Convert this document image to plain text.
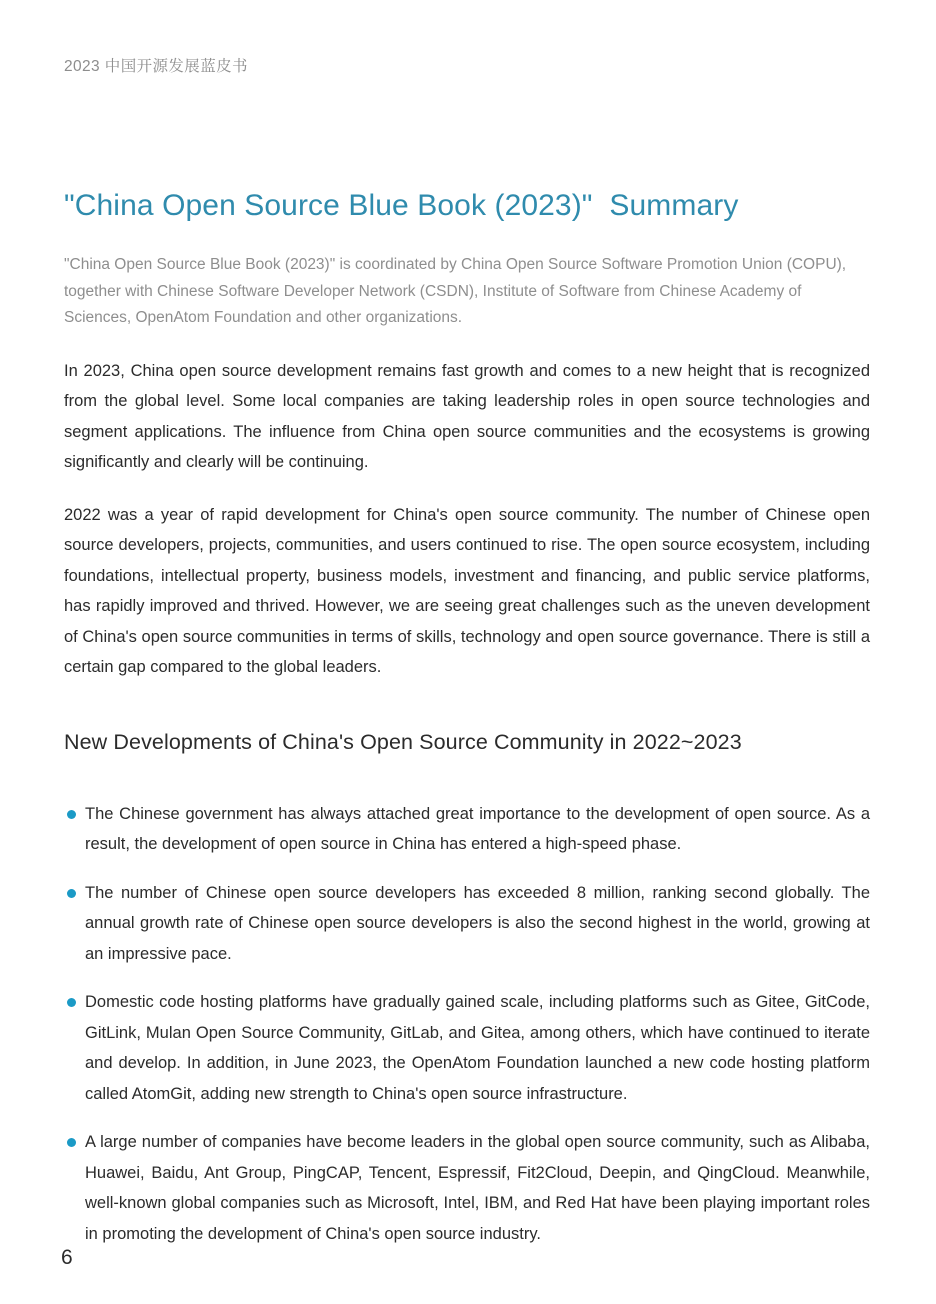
2023 中国开源发展蓝皮书
"China Open Source Blue Book (2023)"  Summary

"China Open Source Blue Book (2023)" is coordinated by China Open Source Software Promotion Union (COPU), together with Chinese Software Developer Network (CSDN), Institute of Software from Chinese Academy of Sciences, OpenAtom Foundation and other organizations.

In 2023, China open source development remains fast growth and comes to a new height that is recognized from the global level. Some local companies are taking leadership roles in open source technologies and segment applications. The influence from China open source communities and the ecosystems is growing significantly and clearly will be continuing.

2022 was a year of rapid development for China's open source community. The number of Chinese open source developers, projects, communities, and users continued to rise. The open source ecosystem, including foundations, intellectual property, business models, investment and financing, and public service platforms, has rapidly improved and thrived. However, we are seeing great challenges such as the uneven development of China's open source communities in terms of skills, technology and open source governance. There is still a certain gap compared to the global leaders.

New Developments of China's Open Source Community in 2022~2023
The Chinese government has always attached great importance to the development of open source. As a result, the development of open source in China has entered a high-speed phase.
The number of Chinese open source developers has exceeded 8 million, ranking second globally. The annual growth rate of Chinese open source developers is also the second highest in the world, growing at an impressive pace.
Domestic code hosting platforms have gradually gained scale, including platforms such as Gitee, GitCode, GitLink, Mulan Open Source Community, GitLab, and Gitea, among others, which have continued to iterate and develop. In addition, in June 2023, the OpenAtom Foundation launched a new code hosting platform called AtomGit, adding new strength to China's open source infrastructure.
A large number of companies have become leaders in the global open source community, such as Alibaba, Huawei, Baidu, Ant Group, PingCAP, Tencent, Espressif, Fit2Cloud, Deepin, and QingCloud. Meanwhile, well-known global companies such as Microsoft, Intel, IBM, and Red Hat have been playing important roles in promoting the development of China's open source industry.
6
